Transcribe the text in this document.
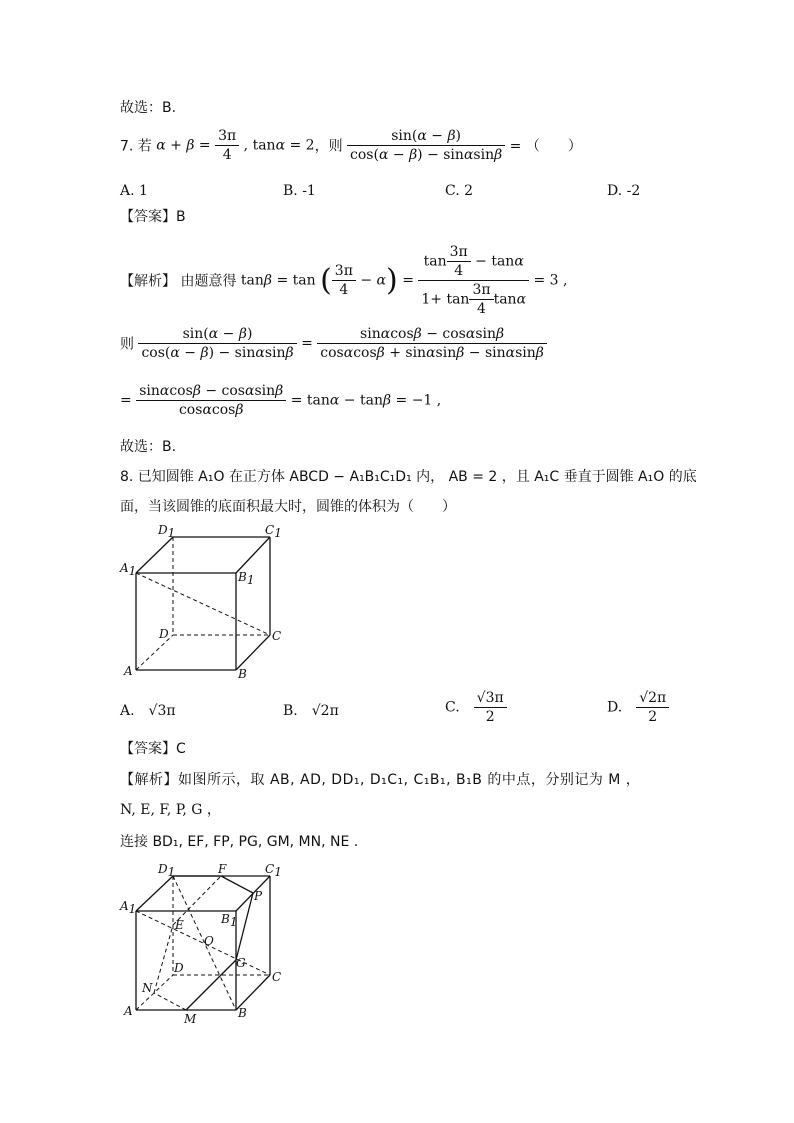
故选：B.
7. 若 $\alpha + \beta = \frac{3\pi}{4}$ , tanα = 2，则 $\frac{\sin(\alpha - \beta)}{\cos(\alpha - \beta) - \sin\alpha\sin\beta}$ = （　　）
A. 1	B. -1	C. 2	D. -2
【答案】B
【解析】 由题意得 tanβ = tan ( $\frac{3\pi}{4} - \alpha) = \frac{\tan \frac{3\pi}{4} - \tan\alpha}{1+ \tan \frac{3\pi}{4} \tan\alpha} = 3$ ,
则 $\frac{\sin(\alpha - \beta)}{\cos(\alpha - \beta) - \sin\alpha\sin\beta} = \frac{\sin\alpha\cos\beta - \cos\alpha\sin\beta}{\cos\alpha\cos\beta + \sin\alpha\sin\beta - \sin\alpha\sin\beta}$
= $\frac{\sin\alpha\cos\beta - \cos\alpha\sin\beta}{\cos\alpha\cos\beta} = \tan\alpha - \tan\beta = -1$ ,
故选：B.
8. 已知圆锥 A₁O 在正方体 ABCD − A₁B₁C₁D₁ 内， AB = 2 ，且 A₁C 垂直于圆锥 A₁O 的底
面，当该圆锥的底面积最大时，圆锥的体积为（　　）
D1	C1
A1	B1
D	C
A	B
A.　√3π	B.　√2π	C.　 $\frac{√3\pi}{2}$	D.　 $\frac{√2\pi}{2}$
【答案】C
【解析】如图所示，取 AB, AD, DD₁, D₁C₁, C₁B₁, B₁B 的中点，分别记为 M ，
N, E, F, P, G ，
连接 BD₁, EF, FP, PG, GM, MN, NE .
D1	F	C1
A1
E	B1
P
O
D	G
C
N
A
M	B
